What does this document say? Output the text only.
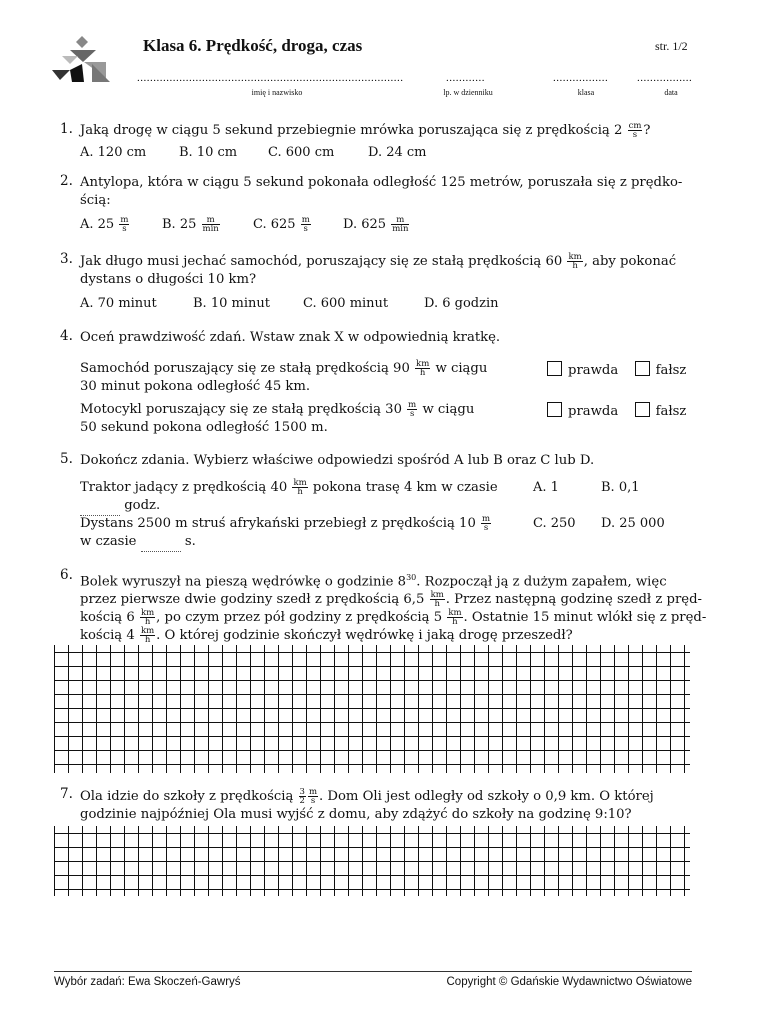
Klasa 6. Prędkość, droga, czas	str. 1/2
..................................................................................
imię i nazwisko
............
lp. w dzienniku
.................
klasa
.................
data
1. Jaką drogę w ciągu 5 sekund przebiegnie mrówka poruszająca się z prędkością $2 \frac{cm}{s}$ ?
A. 120 cm	B. 10 cm C. 600 cm	D. 24 cm
2. Antylopa, która w ciągu 5 sekund pokonała odległość 125 metrów, poruszała się z prędko-
ścią:
A. $25 \frac{m}{s}$	B. $25 \frac{m}{\min}$	C. $625 \frac{m}{s} D$. $625 \frac{m}{\min}$
3. Jak długo musi jechać samochód, poruszający się ze stałą prędkością $60 \frac{km}{h}$ , aby pokonać
dystans o długości 10 km?
A. 70 minut	B. 10 minut	C. 600 minut	D. 6 godzin
4. Oceń prawdziwość zdań. Wstaw znak X w odpowiednią kratkę.
Samochód poruszający się ze stałą prędkością $90 \frac{km}{h}$ w ciągu
30 minut pokona odległość 45 km.
prawda	fałsz
Motocykl poruszający się ze stałą prędkością $30 \frac{m}{s}$ w ciągu
50 sekund pokona odległość 1500 m.
prawda	fałsz
5. Dokończ zdania. Wybierz właściwe odpowiedzi spośród A lub B oraz C lub D.
Traktor jadący z prędkością $40 \frac{km}{h}$ pokona trasę 4 km w czasie
godz.
A. 1	B. 0,1
Dystans 2500 m struś afrykański przebiegł z prędkością $10 \frac{m}{s}$
w czasie	s.
C. 250 D. 25 000
6. Bolek wyruszył na pieszą wędrówkę o godzinie $8^{30}$. Rozpoczął ją z dużym zapałem, więc
przez pierwsze dwie godziny szedł z prędkością $6,5 \frac{km}{h}$ . Przez następną godzinę szedł z pręd-
kością $6 \frac{km}{h}$ , po czym przez pół godziny z prędkością $5 \frac{km}{h}$ . Ostatnie 15 minut wlókł się z pręd-
kością $4 \frac{km}{h}$ . O której godzinie skończył wędrówkę i jaką drogę przeszedł?
7. Ola idzie do szkoły z prędkością $\frac{3}{2} \frac{m}{s}$ . Dom Oli jest odległy od szkoły o 0,9 km. O której
godzinie najpóźniej Ola musi wyjść z domu, aby zdążyć do szkoły na godzinę 9:10?
Wybór zadań: Ewa Skoczeń-Gawryś	Copyright © Gdańskie Wydawnictwo Oświatowe
